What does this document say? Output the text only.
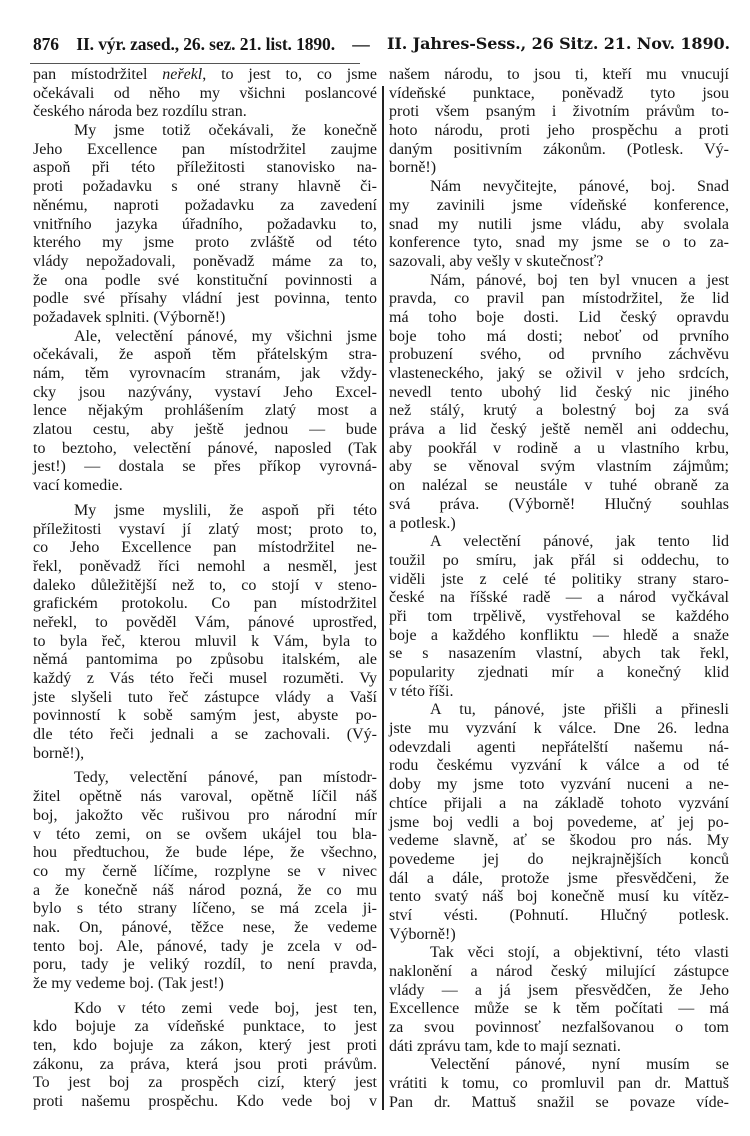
876 II. výr. zased., 26. sez. 21. list. 1890. — II. Jahres-Sess., 26 Sitz. 21. Nov. 1890.
pan místodržitel neřekl, to jest to, co jsme
očekávali od něho my všichni poslancové
českého národa bez rozdílu stran.
My jsme totiž očekávali, že konečně
Jeho Excellence pan místodržitel zaujme
aspoň při této příležitosti stanovisko na-
proti požadavku s oné strany hlavně či-
něnému, naproti požadavku za zavedení
vnitřního jazyka úřadního, požadavku to,
kterého my jsme proto zvláště od této
vlády nepožadovali, poněvadž máme za to,
že ona podle své konstituční povinnosti a
podle své přísahy vládní jest povinna, tento
požadavek splniti. (Výborně!)
Ale, velectění pánové, my všichni jsme
očekávali, že aspoň těm přátelským stra-
nám, těm vyrovnacím stranám, jak vždy-
cky jsou nazývány, vystaví Jeho Excel-
lence nějakým prohlášením zlatý most a
zlatou cestu, aby ještě jednou — bude
to beztoho, velectění pánové, naposled (Tak
jest!) — dostala se přes příkop vyrovná-
vací komedie.
My jsme myslili, že aspoň při této
příležitosti vystaví jí zlatý most; proto to,
co Jeho Excellence pan místodržitel ne-
řekl, poněvadž říci nemohl a nesměl, jest
daleko důležitější než to, co stojí v steno-
grafickém protokolu. Co pan místodržitel
neřekl, to pověděl Vám, pánové uprostřed,
to byla řeč, kterou mluvil k Vám, byla to
němá pantomima po způsobu italském, ale
každý z Vás této řeči musel rozuměti. Vy
jste slyšeli tuto řeč zástupce vlády a Vaší
povinností k sobě samým jest, abyste po-
dle této řeči jednali a se zachovali. (Vý-
borně!),
Tedy, velectění pánové, pan místodr-
žitel opětně nás varoval, opětně líčil náš
boj, jakožto věc rušivou pro národní mír
v této zemi, on se ovšem ukájel tou bla-
hou předtuchou, že bude lépe, že všechno,
co my černě líčíme, rozplyne se v nivec
a že konečně náš národ pozná, že co mu
bylo s této strany líčeno, se má zcela ji-
nak. On, pánové, těžce nese, že vedeme
tento boj. Ale, pánové, tady je zcela v od-
poru, tady je veliký rozdíl, to není pravda,
že my vedeme boj. (Tak jest!)
Kdo v této zemi vede boj, jest ten,
kdo bojuje za vídeňské punktace, to jest
ten, kdo bojuje za zákon, který jest proti
zákonu, za práva, která jsou proti právům.
To jest boj za prospěch cizí, který jest
proti našemu prospěchu. Kdo vede boj v
našem národu, to jsou ti, kteří mu vnucují
vídeňské punktace, poněvadž tyto jsou
proti všem psaným i životním právům to-
hoto národu, proti jeho prospěchu a proti
daným positivním zákonům. (Potlesk. Vý-
borně!)
Nám nevyčitejte, pánové, boj. Snad
my zavinili jsme vídeňské konference,
snad my nutili jsme vládu, aby svolala
konference tyto, snad my jsme se o to za-
sazovali, aby vešly v skutečnosť?
Nám, pánové, boj ten byl vnucen a jest
pravda, co pravil pan místodržitel, že lid
má toho boje dosti. Lid český opravdu
boje toho má dosti; neboť od prvního
probuzení svého, od prvního záchvěvu
vlasteneckého, jaký se oživil v jeho srdcích,
nevedl tento ubohý lid český nic jiného
než stálý, krutý a bolestný boj za svá
práva a lid český ještě neměl ani oddechu,
aby pookřál v rodině a u vlastního krbu,
aby se věnoval svým vlastním zájmům;
on nalézal se neustále v tuhé obraně za
svá práva. (Výborně! Hlučný souhlas
a potlesk.)
A velectění pánové, jak tento lid
toužil po smíru, jak přál si oddechu, to
viděli jste z celé té politiky strany staro-
české na říšské radě — a národ vyčkával
při tom trpělivě, vystřehoval se každého
boje a každého konfliktu — hledě a snaže
se s nasazením vlastní, abych tak řekl,
popularity zjednati mír a konečný klid
v této říši.
A tu, pánové, jste přišli a přinesli
jste mu vyzvání k válce. Dne 26. ledna
odevzdali agenti nepřátelští našemu ná-
rodu českému vyzvání k válce a od té
doby my jsme toto vyzvání nuceni a ne-
chtíce přijali a na základě tohoto vyzvání
jsme boj vedli a boj povedeme, ať jej po-
vedeme slavně, ať se škodou pro nás. My
povedeme jej do nejkrajnějších konců
dál a dále, protože jsme přesvědčeni, že
tento svatý náš boj konečně musí ku vítěz-
ství vésti. (Pohnutí. Hlučný potlesk.
Výborně!)
Tak věci stojí, a objektivní, této vlasti
naklonění a národ český milující zástupce
vlády — a já jsem přesvědčen, že Jeho
Excellence může se k těm počítati — má
za svou povinnosť nezfalšovanou o tom
dáti zprávu tam, kde to mají seznati.
Velectění pánové, nyní musím se
vrátiti k tomu, co promluvil pan dr. Mattuš
Pan dr. Mattuš snažil se povaze víde-
